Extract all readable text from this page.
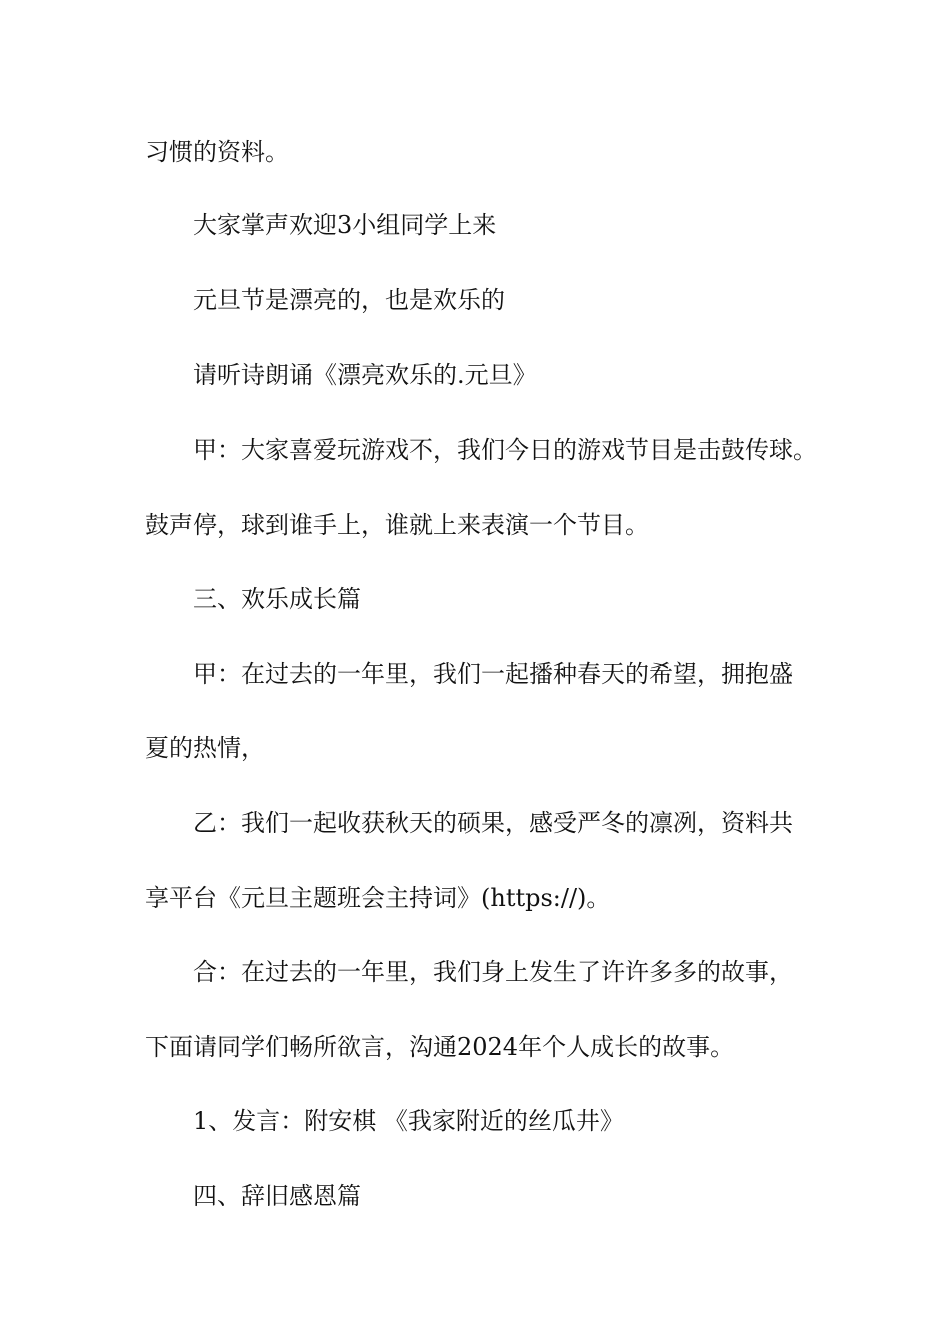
习惯的资料。
大家掌声欢迎3小组同学上来
元旦节是漂亮的，也是欢乐的
请听诗朗诵《漂亮欢乐的.元旦》
甲：大家喜爱玩游戏不，我们今日的游戏节目是击鼓传球。
鼓声停，球到谁手上，谁就上来表演一个节目。
三、欢乐成长篇
甲：在过去的一年里，我们一起播种春天的希望，拥抱盛
夏的热情，
乙：我们一起收获秋天的硕果，感受严冬的凛冽，资料共
享平台《元旦主题班会主持词》(https://)。
合：在过去的一年里，我们身上发生了许许多多的故事，
下面请同学们畅所欲言，沟通2024年个人成长的故事。
1、发言：附安棋 《我家附近的丝瓜井》
四、辞旧感恩篇
